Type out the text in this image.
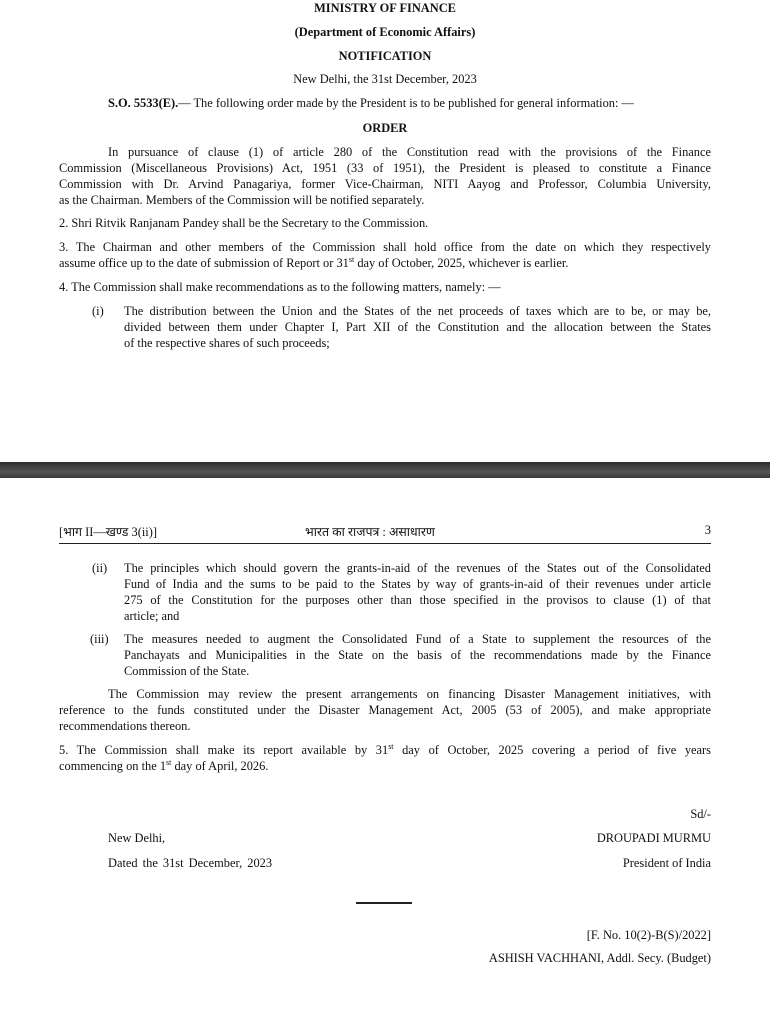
MINISTRY OF FINANCE
(Department of Economic Affairs)
NOTIFICATION
New Delhi, the 31st December, 2023
S.O. 5533(E).— The following order made by the President is to be published for general information: —
ORDER
In pursuance of clause (1) of article 280 of the Constitution read with the provisions of the Finance
Commission (Miscellaneous Provisions) Act, 1951 (33 of 1951), the President is pleased to constitute a Finance
Commission with Dr. Arvind Panagariya, former Vice-Chairman, NITI Aayog and Professor, Columbia University,
as the Chairman. Members of the Commission will be notified separately.
2. Shri Ritvik Ranjanam Pandey shall be the Secretary to the Commission.
3. The Chairman and other members of the Commission shall hold office from the date on which they respectively
assume office up to the date of submission of Report or 31st day of October, 2025, whichever is earlier.
4. The Commission shall make recommendations as to the following matters, namely: —
(i) The distribution between the Union and the States of the net proceeds of taxes which are to be, or may be,
divided between them under Chapter I, Part XII of the Constitution and the allocation between the States
of the respective shares of such proceeds;
[भाग II—खण्ड 3(ii)]	भारत का राजपत्र : असाधारण	3
(ii) The principles which should govern the grants-in-aid of the revenues of the States out of the Consolidated
Fund of India and the sums to be paid to the States by way of grants-in-aid of their revenues under article
275 of the Constitution for the purposes other than those specified in the provisos to clause (1) of that
article; and
(iii) The measures needed to augment the Consolidated Fund of a State to supplement the resources of the
Panchayats and Municipalities in the State on the basis of the recommendations made by the Finance
Commission of the State.
The Commission may review the present arrangements on financing Disaster Management initiatives, with
reference to the funds constituted under the Disaster Management Act, 2005 (53 of 2005), and make appropriate
recommendations thereon.
5. The Commission shall make its report available by 31st day of October, 2025 covering a period of five years
commencing on the 1st day of April, 2026.
Sd/-
New Delhi,	DROUPADI MURMU
Dated the 31st December, 2023	President of India
[F. No. 10(2)-B(S)/2022]
ASHISH VACHHANI, Addl. Secy. (Budget)
